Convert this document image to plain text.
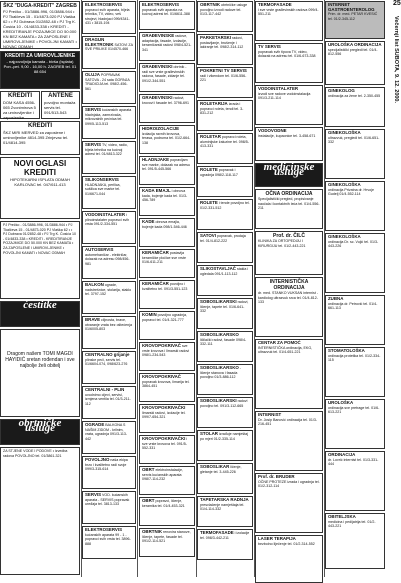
ŠKZ "DUGA-KREDIT" ZAGREB
PJ Prečko - 01/3886-996, 01/3886-944 • PJ Tkalčeva 15 - 01/4873-020 PJ Vlaška 62 • • PJ Dubrava 01/2852-48 • PJ Trg K. Ćosića 10 - 01/4833-338 • KREDITI - KREDITIRANJE POZAJMICE DO 50.000 KN BEZ KAMATA • ZA ZAPOSLENE I UMIROVLJENIKE • POVOLJNI KAMATI • NOVAC ODMAH
KREDITI ZA UMIROVLJENIKE
- najpovoljnija kamata - bivša (isplata) Pon.-pet. 9,00 - 16,00 h. ZAGREB tel. 01 88 654
KREDITI
DOM KASA 4556-065 Zvonimirova 5 za umirovljenike i zaposlenike
ANTENE
povoljno montaža servis tel. 091/513-543
KREDITI
ŠKZ MIRI MERVED za zaposlene i umirovljenike 4814-395 Zrinjevac tel. 01/4814-395
NOVI OGLASI KREDITI
HIPOTEKARNI ISPLATA ODMAH KARLOVAC tel. 047/611-413
PJ Prečko - 01/3886-996, 01/3886-944 • PJ Tkalčeva 15 - 01/4873-020 PJ Vlaška 62 • • PJ Dubrava 01/2852-48 • PJ Trg K. Ćosića 10 - 01/4833-338 • KREDITI - KREDITIRANJE POZAJMICE DO 50.000 KN BEZ KAMATA • ZA ZAPOSLENE I UMIROVLJENIKE • POVOLJNI KAMATI • NOVAC ODMAH
ćestitke
Dragom našem TOMI MAGDI HAYIDIĆ sretan rođendan i sve najbolje želi obitelj
obrtničke usluge
ZA STJENE VODE I PODOVE • izvedba radova POVOLJNO tel. 01/3861-321
ELEKTROSERVIS popravci svih aparata, bijela tehnika, TV, video, veš strojevi, hladnjaci 099/4341-431 • 3815-194
DRAGUN ELEKTRONIK SATOVI ZA SVE PRILIKE 01/4570-466
OLUJA POPRAVAK SATOVA - 24 sata GORNJA TRADICIJA tel. 098/2-456-561
SERVIS kućanskih aparata hladnjaka, zamrzivača, mikrovalnih pećnica tel. 099/5-113-513
SERVIS TV, video, radio, bijela tehnika na kućnoj adresi tel. 01/4813-322
SILIKONSERVIS HLADNJAKA, perilica, sušilica sve marke tel. 01/6671-044
VODOINSTALATER i plinoinstalater popravci svih vrsta 091/2-334-551
AUTOSERVIS automehaničar - električar, dolazak na adresu 098/456-981
BALKON ograde, nadstrešnice, stolarija, staklo tel. 3797-152
BRAVE ciljnosta, brave, otvaranje vrata bez oštećenja 01/6005-803
CENTRALNO grijanje plinske peći, servis tel. 01/6604-074, 098/623-276
CENTRALNI - PLIN uvodnimo cijevi, servisi, izmjena ventila tel. 01/3-211-112
OGRADE BALKONA S NAŠIM ZIDOM - krilnim, vrata, ugradnja 091/3-113-442
POVOLJNO naša ekipa brzo i kvalitetno radi svoje 099/3-315-614
SERVIS VOD. kućanskih aparata - SERVIS popravak uređaja tel. 3813-133
ELEKTROSERVIS kućanskih aparata 99 - 1 - popravci svih vrsta tel. 3896-888
ELEKTROSERVIS popravak svih aparata na kućnoj adresi tel. 01/6611-388
GRAĐEVINSKE radove, adaptacija, fasade, izolacije, keramičarski radovi 098/4-521-341
GRAĐEVINSKI obrtnik - radi sve vrste građevinskih radova, fasade, zidanje tel. 091/2-344-551
GRAĐEVINSKI radovi, krovovi i fasade tel. 3796-691
HIDROIZOLACIJE izolacija ravnih krovova, terasa, podruma tel. 01/2-664-138
HLADNJAKE popravljam sve marke, dolazak na adresu tel. 091/5-445-566
KADA EMAJL i obnova kada, bojenje kada tel. 01/3-456-789
KADE obnova emajla, bojenje kada 098/1-546-446
KERAMIČAR postavlja keramičke pločice sve vrste 01/6-611-211
KERAMIČAR povoljno i kvalitetno tel. 091/3-551-123
KOMIN povoljno ugradnja, popravci tel. 01/4-321-777
KROVOPOKRIVAČ sve vrste krovova i limarski radovi 098/1-234-543
KROVOPOKRIVAČ popravak krovova, limarija tel. 3864-451
KROVOPOKRIVAČKI limarski radovi, izolacije tel. 099/7-654-321
KROVOPOKRIVAČKI i sve vrste krovova tel. 091/5-552-331
OBRT elektroinstalacije, servis kućanskih aparata 098/7-114-232
OBRT popravci, ličenje, keramika tel. 01/4-453-321
OBRTNIK renovira stanove, ličenje, tapete, fasade tel. 091/2-114-521
OBRTNIK obrtničke usluge povoljno izvodi radove tel. 01/3-117-442
PARKETARSKI radovi, postavljanje, brušenje i lakiranje tel. 098/2-314-112
POKRETNI TV SERVIS radi i vikendom tel. 01/6-556-221
ROLETARIJA izrada i popravci roleta, tendi tel. 3-831-212
ROLETAR popravci roleta, aluminijske žaluzine tel. 098/5-413-331
ROLETE popravak i ugradnja 098/2-118-117
ROLETE i tende povoljno tel. 01/2-331-512
SATOVI popravak, prodaja tel. 01/4-812-222
SLIKOSTAVLJAČ stakla i ogledala 091/1-113-112
SOBOSLIKARSKI radovi, ličenje, tapete tel. 01/6-641-332
SOBOSLIKARSKO ličilački radovi, fasade 098/4-332-111
SOBOSLIKARSKO - ličenje stanova i fasada povoljno 01/3-886-112
SOBOSLIKARSKI radovi povoljno tel. 091/3-112-665
STOLAR izrađuje namještaj po mjeri 01/2-335-114
SOBOSLIKAR ličenje, gletanje tel. 3-445-226
TAPETARSKA RADNJA presvlačenje namještaja tel. 01/4-114-332
TERMOFASADE i izolacije tel. 098/3-442-211
TERMOFASADE
i sve vrste građevinskih radova 099/4-551-211
TV SERVIS
popravak svih tipova TV, video, dolazak na adresu tel. 01/6-673-338
VODOINSTALATER
izvodi sve radove vodoinstalacija 091/3-211-114
VODOVODNE
instalacije, kupaonice tel. 3-458-671
medicinske usluge
OČNA ORDINACIJA
Specijalistički pregled, propisivanje naočala i kontaktnih leća tel. 01/4-556-211
Prof. dr. ČILČ
KLINIKA ZA ORTOPEDIJU I KIRURGIJU tel. 01/2-443-221
INTERNISTIČKA ORDINACIJA
dr. med. STANKO VUKSAN internist - kardiolog ultrazvuk srca tel. 01/4-812-133
CENTAR ZA POMOĆ
INTERNISTIČKA ordinacija, EKG, ultrazvuk tel. 01/4-651-221
INTERNIST
Dr. Josip Banović ordinacija tel. 01/3-216-451
Prof. dr. BRUDER
OČNE PROTEZE izrada i ugradnja tel. 01/2-312-114
LASER TERAPIJA
bezbolno liječenje tel. 01/2-314-552
INTERNET GASTROENTEROLOG
Prim. dr. med. PETAR KVESIĆ tel. 01/2-345-112
UROLOŠKA ORDINACIJA
specijalistički pregledi tel. 01/4-812-556
GINEKOLOG
ordinacija za žene tel. 2-350-455
GINEKOLOŠKA
ultrazvuk, pregledi tel. 01/6-651-332
GINEKOLOŠKA
ordinacija Privatna dr. Hrvoje Gudelj 01/4-552-114
GINEKOLOŠKA
ordinacija Dr. sc. Vujić tel. 01/3-443-226
ZUBNA
ordinacija dr. Petrović tel. 01/4-661-113
STOMATOLOŠKA
ordinacija protetika tel. 01/2-334-115
UROLOŠKA
ordinacija sve pretrage tel. 01/6-613-221
ORDINACIJA
dr. Lovrić internist tel. 01/3-331-444
OBITELJSKA
medicina i pedijatrija tel. 01/2-443-221
25
Večernji list SUBOTA, 9. 12. 2000.
